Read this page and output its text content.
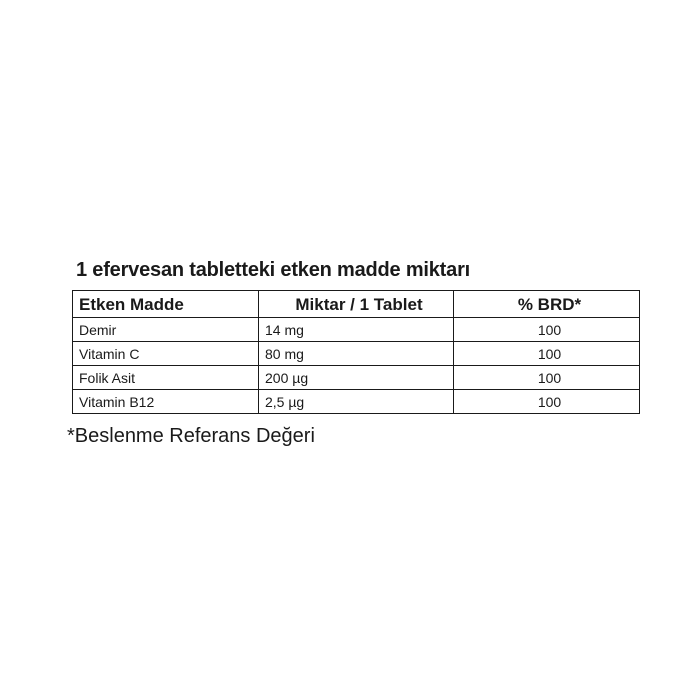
1 efervesan tabletteki etken madde miktarı
Etken Madde	Miktar / 1 Tablet	% BRD*
Demir	14 mg	100
Vitamin C	80 mg	100
Folik Asit	200 µg	100
Vitamin B12	2,5 µg	100
*Beslenme Referans Değeri
